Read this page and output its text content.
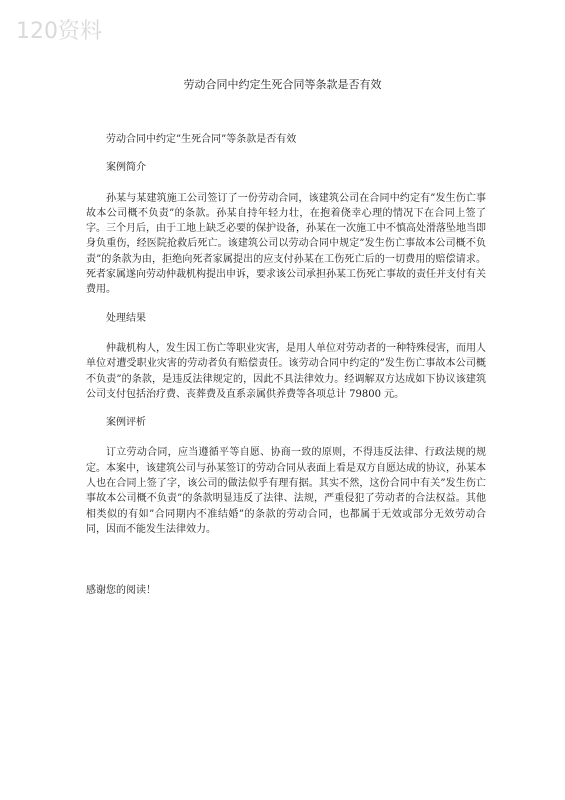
120资料
劳动合同中约定生死合同等条款是否有效
劳动合同中约定”生死合同”等条款是否有效
案例简介
孙某与某建筑施工公司签订了一份劳动合同，该建筑公司在合同中约定有”发生伤亡事故本公司概不负责”的条款。孙某自持年轻力壮，在抱着侥幸心理的情况下在合同上签了字。三个月后，由于工地上缺乏必要的保护设备，孙某在一次施工中不慎高处滑落坠地当即身负重伤，经医院抢救后死亡。该建筑公司以劳动合同中规定”发生伤亡事故本公司概不负责”的条款为由，拒绝向死者家属提出的应支付孙某在工伤死亡后的一切费用的赔偿请求。死者家属遂向劳动仲裁机构提出申诉，要求该公司承担孙某工伤死亡事故的责任并支付有关费用。
处理结果
仲裁机构人，发生因工伤亡等职业灾害，是用人单位对劳动者的一种特殊侵害，而用人单位对遭受职业灾害的劳动者负有赔偿责任。该劳动合同中约定的”发生伤亡事故本公司概不负责”的条款，是违反法律规定的，因此不具法律效力。经调解双方达成如下协议该建筑公司支付包括治疗费、丧葬费及直系亲属供养费等各项总计 79800 元。
案例评析
订立劳动合同，应当遵循平等自愿、协商一致的原则，不得违反法律、行政法规的规定。本案中，该建筑公司与孙某签订的劳动合同从表面上看是双方自愿达成的协议，孙某本人也在合同上签了字，该公司的做法似乎有理有据。其实不然，这份合同中有关”发生伤亡事故本公司概不负责”的条款明显违反了法律、法规，严重侵犯了劳动者的合法权益。其他相类似的有如”合同期内不准结婚”的条款的劳动合同，也都属于无效或部分无效劳动合同，因而不能发生法律效力。
感谢您的阅读！
